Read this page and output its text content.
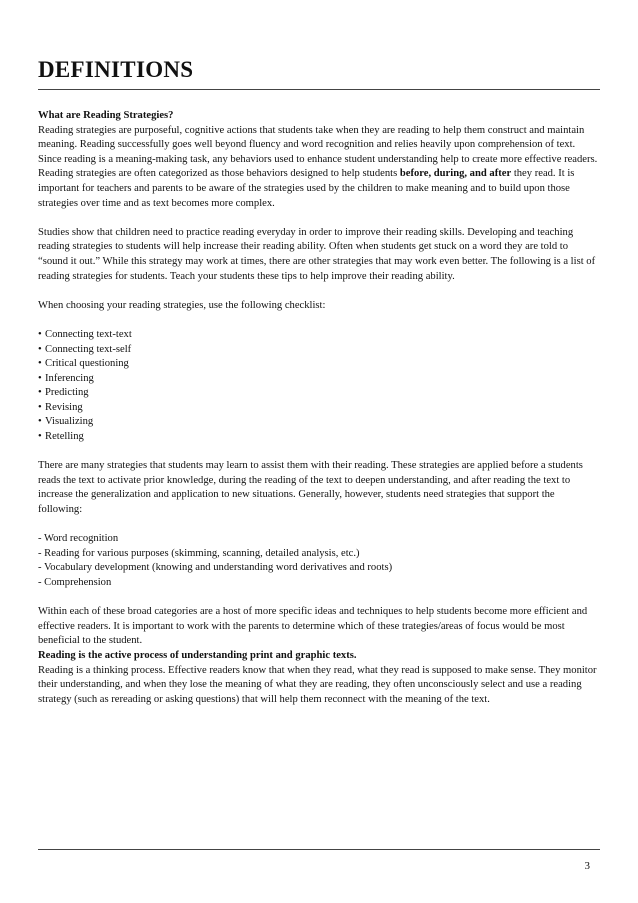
DEFINITIONS

What are Reading Strategies?

Reading strategies are purposeful, cognitive actions that students take when they are reading to help them construct and maintain meaning. Reading successfully goes well beyond fluency and word recognition and relies heavily upon comprehension of text. Since reading is a meaning-making task, any behaviors used to enhance student understanding help to create more effective readers. Reading strategies are often categorized as those behaviors designed to help students before, during, and after they read. It is important for teachers and parents to be aware of the strategies used by the children to make meaning and to build upon those strategies over time and as text becomes more complex.

Studies show that children need to practice reading everyday in order to improve their reading skills. Developing and teaching reading strategies to students will help increase their reading ability. Often when students get stuck on a word they are told to “sound it out.” While this strategy may work at times, there are other strategies that may work even better. The following is a list of reading strategies for students. Teach your students these tips to help improve their reading ability.

When choosing your reading strategies, use the following checklist:

• Connecting text-text
• Connecting text-self
• Critical questioning
• Inferencing
• Predicting
• Revising
• Visualizing
• Retelling

There are many strategies that students may learn to assist them with their reading. These strategies are applied before a students reads the text to activate prior knowledge, during the reading of the text to deepen understanding, and after reading the text to increase the generalization and application to new situations. Generally, however, students need strategies that support the following:

- Word recognition
- Reading for various purposes (skimming, scanning, detailed analysis, etc.)
- Vocabulary development (knowing and understanding word derivatives and roots)
- Comprehension

Within each of these broad categories are a host of more specific ideas and techniques to help students become more efficient and effective readers. It is important to work with the parents to determine which of these trategies/areas of focus would be most beneficial to the student.

Reading is the active process of understanding print and graphic texts.

Reading is a thinking process. Effective readers know that when they read, what they read is supposed to make sense. They monitor their understanding, and when they lose the meaning of what they are reading, they often unconsciously select and use a reading strategy (such as rereading or asking questions) that will help them reconnect with the meaning of the text.

3
